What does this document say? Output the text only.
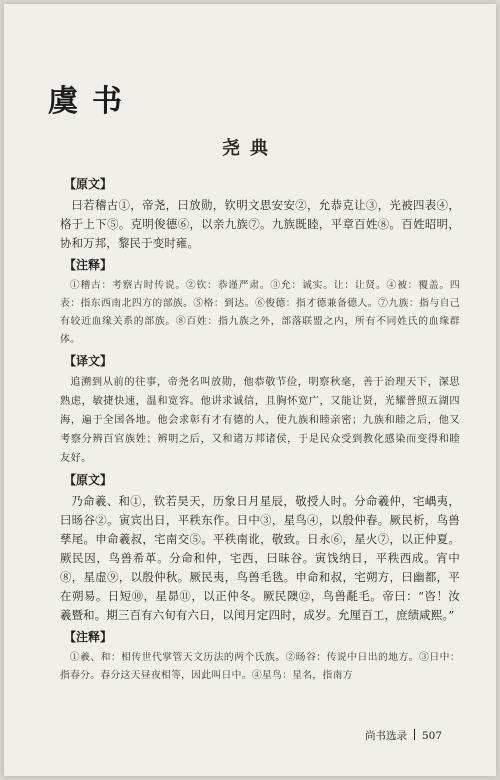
虞书
尧典
【原文】

曰若稽古①，帝尧，曰放勋，钦明文思安安②，允恭克让③，光被四表④，格于上下⑤。克明俊德⑥，以亲九族⑦。九族既睦，平章百姓⑧。百姓昭明，协和万邦，黎民于变时雍。

【注释】

①稽古：考察古时传说。②钦：恭谨严肃。③允：诚实。让：让贤。④被：覆盖。四表：指东西南北四方的部族。⑤格：到达。⑥俊德：指才德兼备德人。⑦九族：指与自己有较近血缘关系的部族。⑧百姓：指九族之外，部落联盟之内，所有不同姓氏的血缘群体。

【译文】

追溯到从前的往事，帝尧名叫放勋，他恭敬节俭，明察秋毫，善于治理天下，深思熟虑，敏捷快速，温和宽容。他讲求诚信，且胸怀宽广，又能让贤，光耀普照五湖四海，遍于全国各地。他会求彰有才有德的人，使九族和睦亲密；九族和睦之后，他又考察分辨百官族姓；辨明之后，又和诸万邦诸侯，于是民众受到教化感染而变得和睦友好。

【原文】

乃命羲、和①，钦若昊天，历象日月星辰，敬授人时。分命羲仲，宅嵎夷，曰旸谷②。寅宾出日，平秩东作。日中③，星鸟④，以殷仲春。厥民析，鸟兽孳尾。申命羲叔，宅南交⑤。平秩南讹，敬致。日永⑥，星火⑦，以正仲夏。厥民因，鸟兽希革。分命和仲，宅西，曰昧谷。寅饯纳日，平秩西成。宵中⑧，星虚⑨，以殷仲秋。厥民夷，鸟兽毛毨。申命和叔，宅朔方，曰幽都，平在朔易。日短⑩，星昴⑪，以正仲冬。厥民隩⑫，鸟兽氄毛。帝曰：“咨！汝羲暨和。期三百有六旬有六日，以闰月定四时，成岁。允厘百工，庶绩咸熙。”

【注释】

①羲、和：相传世代掌管天文历法的两个氏族。②旸谷：传说中日出的地方。③日中：指春分。春分这天昼夜相等，因此叫日中。④星鸟：星名，指南方

尚书选录 507
